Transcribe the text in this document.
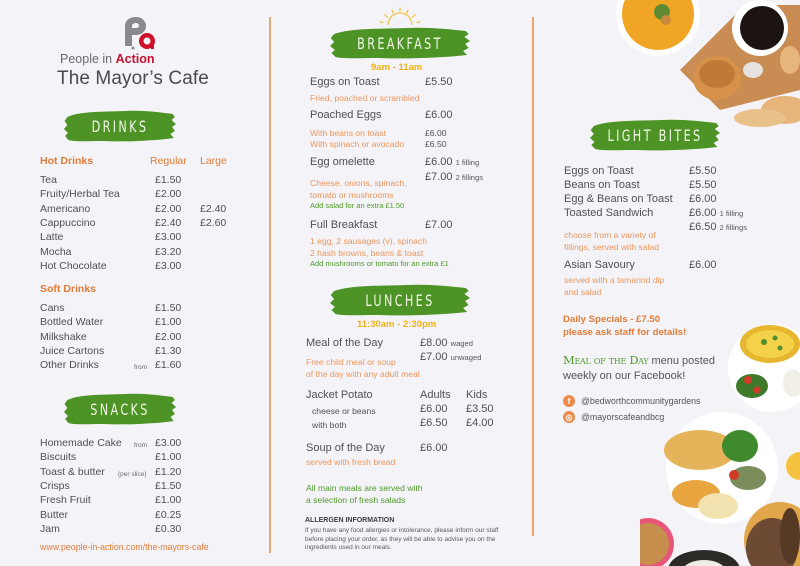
People in Action
The Mayor’s Cafe
DRINKS
Hot Drinks	Regular Large
Tea	£1.50
Fruity/Herbal Tea	£2.00
Americano	£2.00 £2.40
Cappuccino	£2.40 £2.60
Latte	£3.00
Mocha	£3.20
Hot Chocolate	£3.00
Soft Drinks
Cans	£1.50
Bottled Water	£1.00
Milkshake	£2.00
Juice Cartons	£1.30
Other Drinks	from £1.60
SNACKS
Homemade Cake from £3.00
Biscuits	£1.00
Toast & butter (per slice) £1.20
Crisps	£1.50
Fresh Fruit	£1.00
Butter	£0.25
Jam	£0.30
www.people-in-action.com/the-mayors-cafe
BREAKFAST
9am - 11am
Eggs on Toast	£5.50
Fried, poached or scrambled
Poached Eggs	£6.00
With beans on toast	£6.00
With spinach or avocado £6.50
Egg omelette	£6.00 1 filling
£7.00 2 fillings
Cheese, onions, spinach,
tomato or mushrooms
Add salad for an extra £1.50
Full Breakfast	£7.00
1 egg, 2 sausages (v), spinach
2 hash browns, beans & toast
Add mushrooms or tomato for an extra £1
LUNCHES
11:30am - 2:30pm
Meal of the Day	£8.00 waged
£7.00 unwaged
Free child meal or soup
of the day with any adult meal
Jacket Potato	Adults Kids
cheese or beans	£6.00 £3.50
with both	£6.50 £4.00
Soup of the Day	£6.00
served with fresh bread
All main meals are served with
a selection of fresh salads
ALLERGEN INFORMATION
If you have any food allergies or intolerance, please inform our staff before placing your order, as they will be able to advise you on the ingredients used in our meals.
LIGHT BITES
Eggs on Toast	£5.50
Beans on Toast	£5.50
Egg & Beans on Toast £6.00
Toasted Sandwich	£6.00 1 filling
£6.50 2 fillings
choose from a variety of
fillings, served with salad
Asian Savoury	£6.00
served with a tamarind dip
and salad
Daily Specials - £7.50
please ask staff for details!
Meal of the Day menu posted weekly on our Facebook!
f	@bedworthcommunitygardens
◎ @mayorscafeandbcg
